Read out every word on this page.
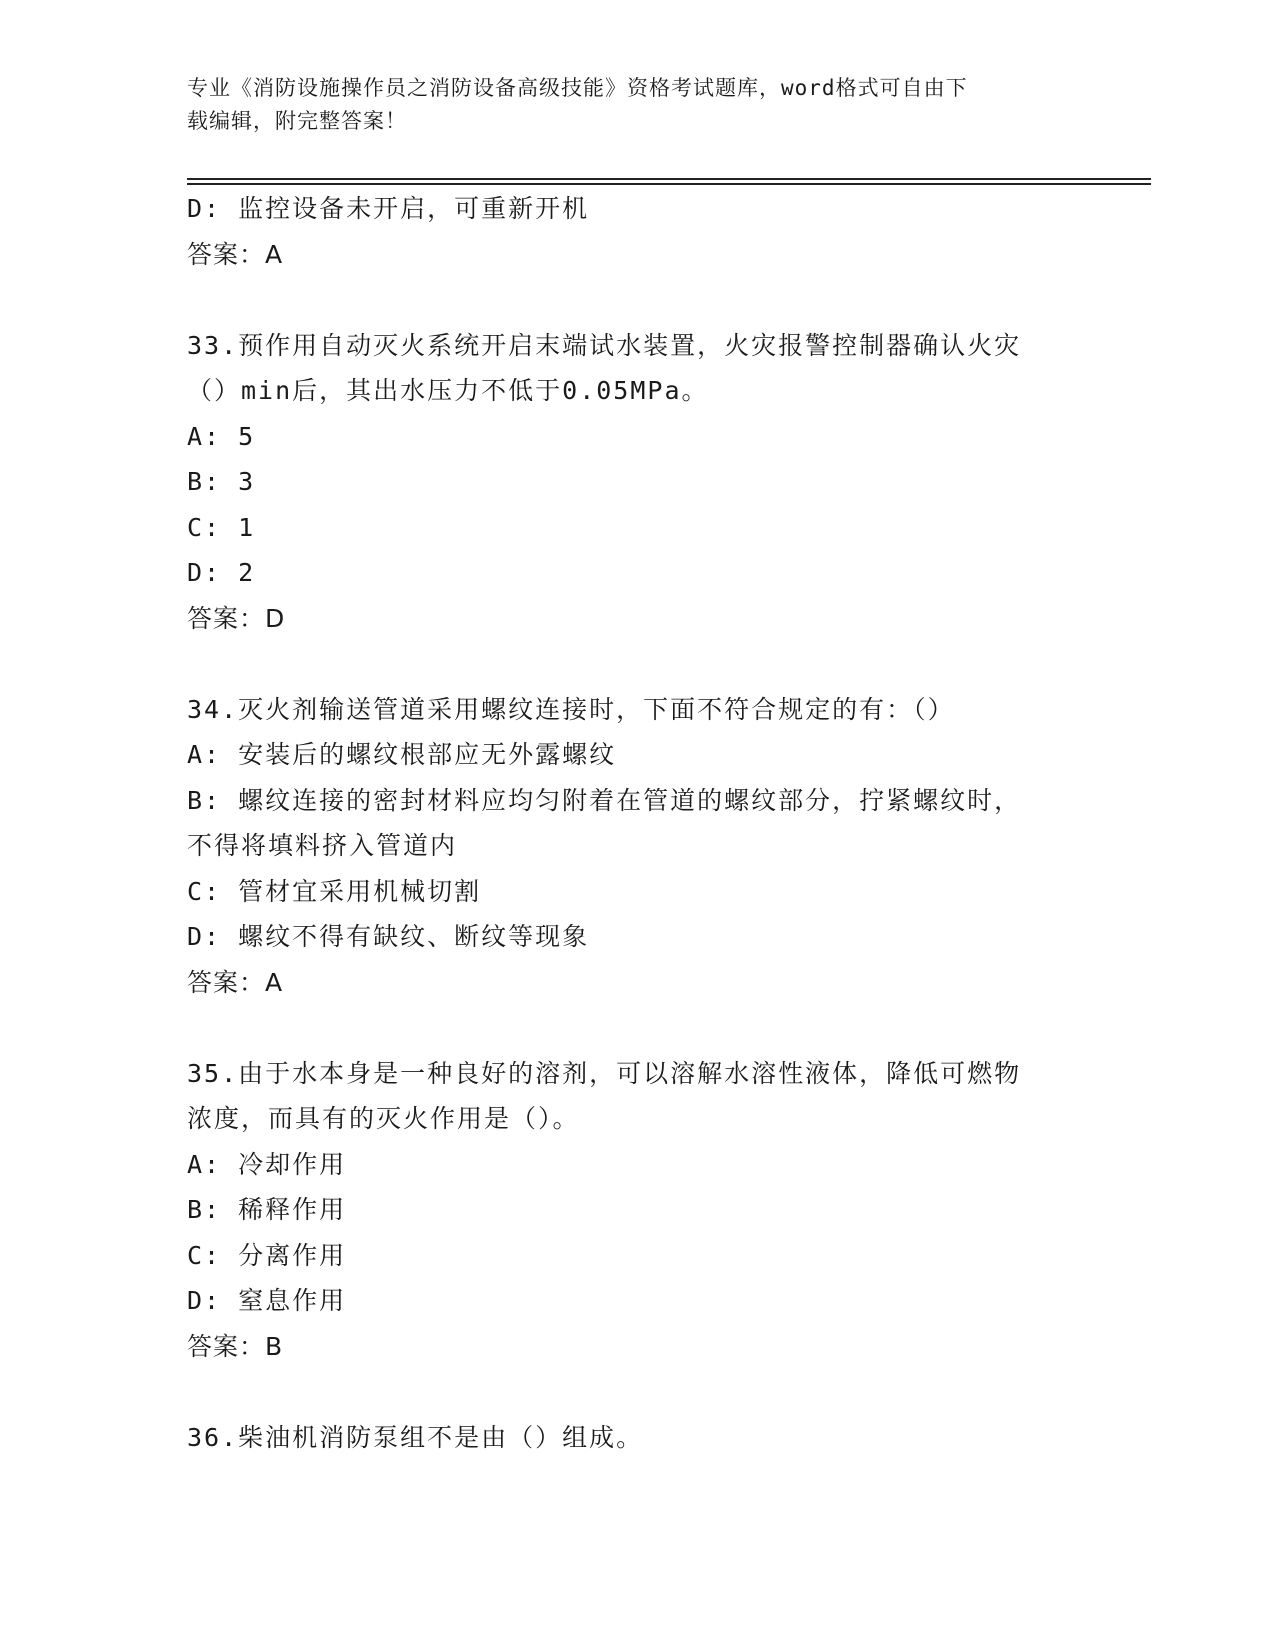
专业《消防设施操作员之消防设备高级技能》资格考试题库，word格式可自由下
载编辑，附完整答案！
D: 监控设备未开启，可重新开机
答案：A
33.预作用自动灭火系统开启末端试水装置，火灾报警控制器确认火灾
（）min后，其出水压力不低于0.05MPa。
A: 5
B: 3
C: 1
D: 2
答案：D
34.灭火剂输送管道采用螺纹连接时，下面不符合规定的有：（）
A: 安装后的螺纹根部应无外露螺纹
B: 螺纹连接的密封材料应均匀附着在管道的螺纹部分，拧紧螺纹时，
不得将填料挤入管道内
C: 管材宜采用机械切割
D: 螺纹不得有缺纹、断纹等现象
答案：A
35.由于水本身是一种良好的溶剂，可以溶解水溶性液体，降低可燃物
浓度，而具有的灭火作用是（）。
A: 冷却作用
B: 稀释作用
C: 分离作用
D: 窒息作用
答案：B
36.柴油机消防泵组不是由（）组成。
